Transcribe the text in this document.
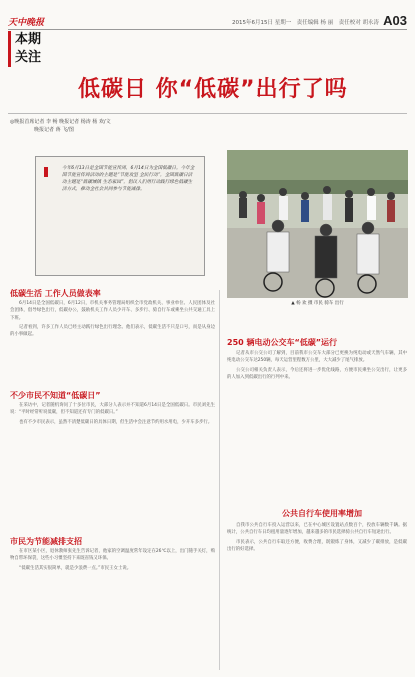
天中晚报
本期
关注
2015年6月15日 星期一　责任编辑 杨 丽　责任校对 胡永涛 A03
低碳日 你“低碳”出行了吗
◎晚报首席记者 李 畅 晚报记者 杨涛 杨 欢/文
晚报记者 蒋 飞/图
今年6月13日是全国节能宣传周，6月14日为全国低碳日。今年全国节能宣传周活动的主题是“节能攻坚 全民行动”，全国低碳日活动主题是“低碳城镇 生态家园”，倡议人们用行动践行绿色低碳生活方式，推动全社会共同参与节能减排。
▲ 杨 欢 摄 市民 骑车 出行
低碳生活 工作人员做表率

6月14日是全国低碳日，6月12日，市机关事务管理局组织全市党政机关、事业单位、人民团体及社会团体，倡导绿色出行，低碳办公，鼓励机关工作人员少开车、多步行、骑自行车或乘坐公共交通工具上下班。

记者看到，许多工作人员已经主动践行绿色出行理念。他们表示，低碳生活不只是口号，而是从身边的小事做起。

不少市民不知道“低碳日”

在采访中，记者随机询问了十多位市民，大部分人表示并不知道6月14日是全国低碳日。市民刘先生说：“平时经常听说低碳，但不知道还有专门的低碳日。”

也有不少市民表示，虽然不清楚低碳日的具体日期，但生活中会注意节约用水用电，少开车多步行。

市民为节能减排支招

在市区某小区，退休教师张先生告诉记者，他家的空调温度常年设定在26℃以上，出门随手关灯，购物自带环保袋，这些小习惯坚持下来既省钱又环保。

“低碳生活其实很简单，就是少浪费一点。”市民王女士说。

250 辆电动公交车“低碳”运行

记者从市公交公司了解到，目前我市公交车大部分已更换为纯电动或天然气车辆，其中纯电动公交车达250辆，每天运营里程数万公里，大大减少了尾气排放。

公交公司相关负责人表示，今后还将进一步优化线路，方便市民乘坐公交出行，让更多的人加入到低碳出行的行列中来。

公共自行车使用率增加

自我市公共自行车投入运营以来，已在中心城区设置站点数百个，投放车辆数千辆。据统计，公共自行车日均租用量逐年增加，越来越多的市民选择骑公共自行车短途出行。

市民表示，公共自行车取还方便，收费合理，既锻炼了身体，又减少了碳排放，是低碳出行的好选择。
